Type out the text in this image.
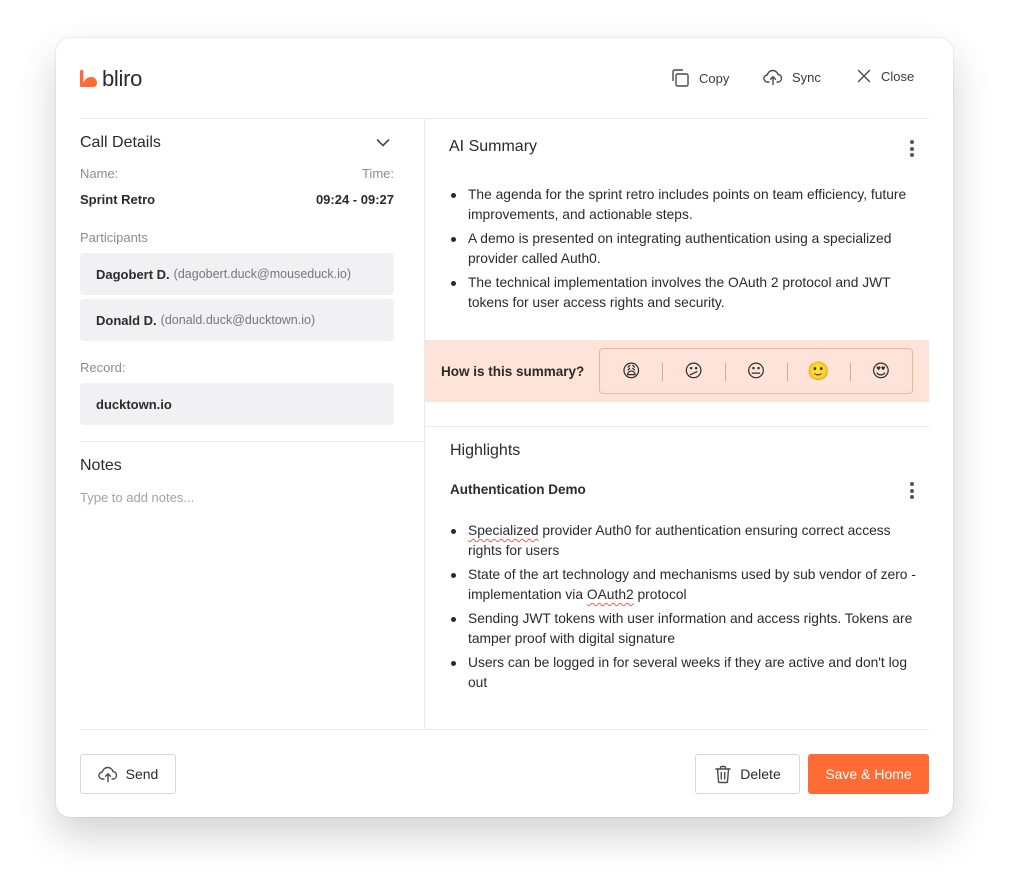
bliro	Copy	Sync	Close
Call Details
Name:	Time:
Sprint Retro	09:24 - 09:27
Participants
Dagobert D. (dagobert.duck@mouseduck.io)
Donald D. (donald.duck@ducktown.io)
Record:
ducktown.io
Notes
Type to add notes...
AI Summary
The agenda for the sprint retro includes points on team efficiency, future improvements, and actionable steps.
A demo is presented on integrating authentication using a specialized provider called Auth0.
The technical implementation involves the OAuth 2 protocol and JWT tokens for user access rights and security.
How is this summary?	😩	😕	😐	🙂	😍
Highlights
Authentication Demo
Specialized provider Auth0 for authentication ensuring correct access rights for users
State of the art technology and mechanisms used by sub vendor of zero - implementation via OAuth2 protocol
Sending JWT tokens with user information and access rights. Tokens are tamper proof with digital signature
Users can be logged in for several weeks if they are active and don't log out
Send	Delete	Save & Home
